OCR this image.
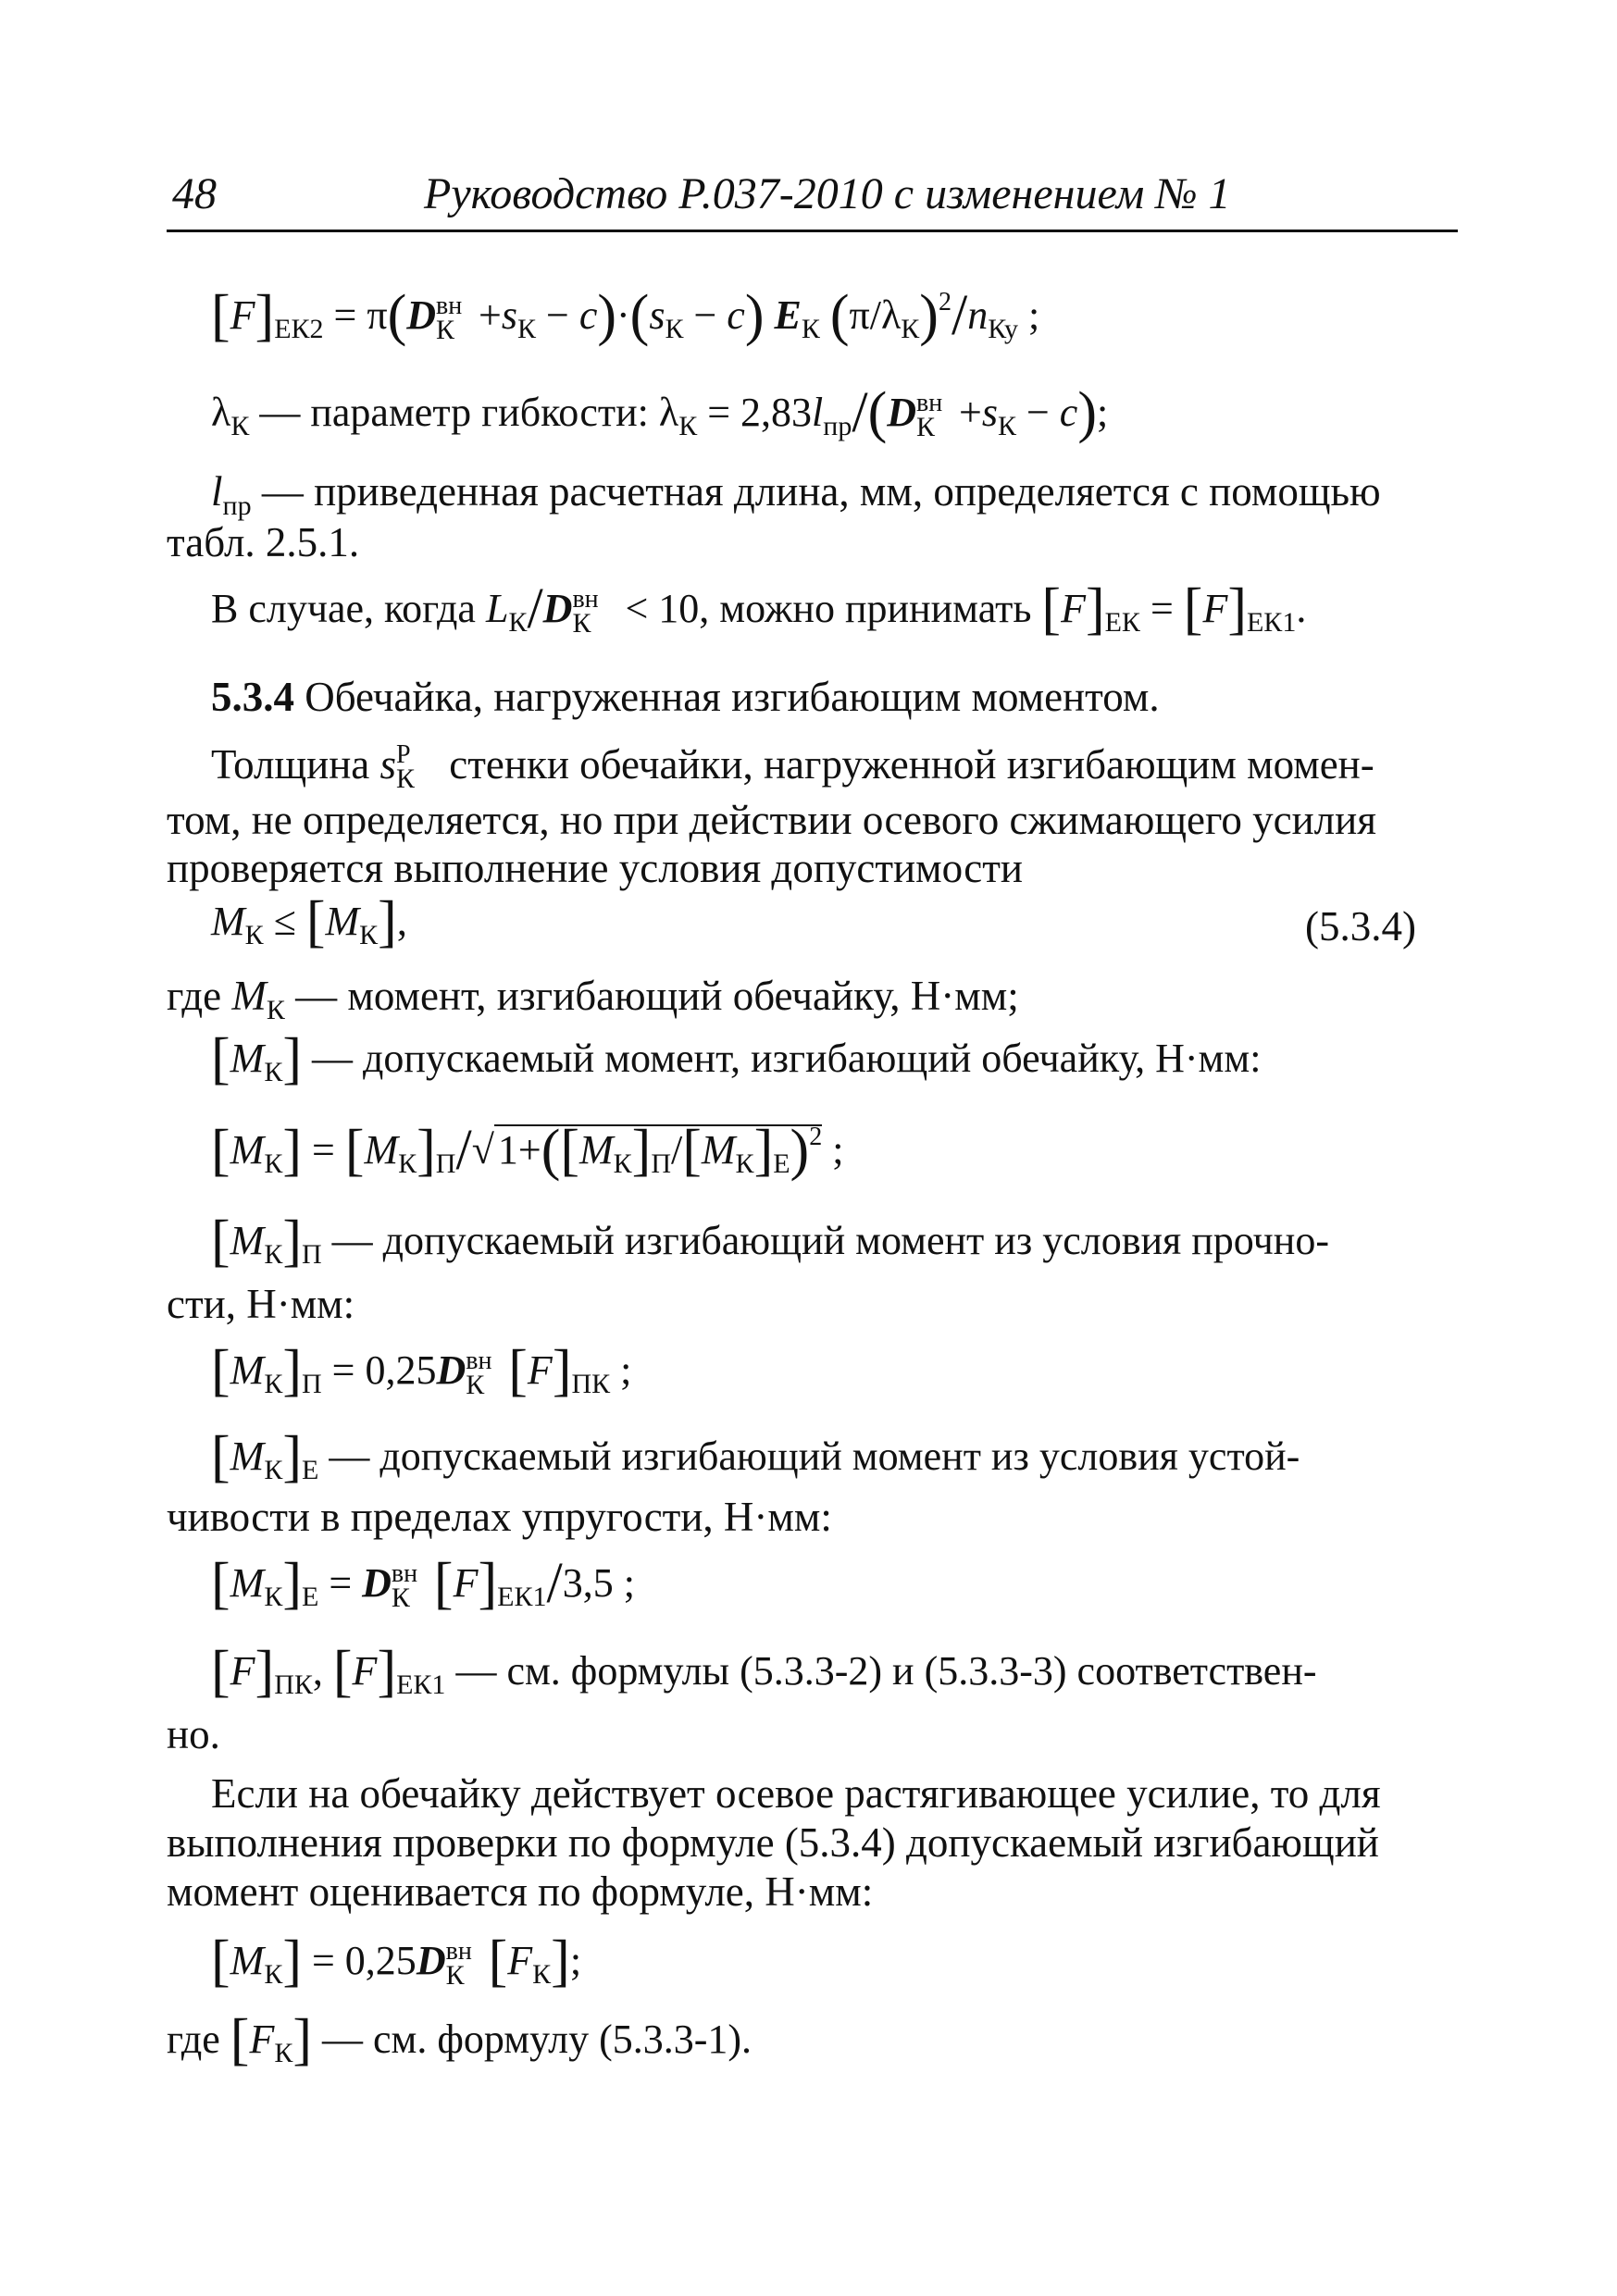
48	Руководство Р.037-2010 с изменением № 1
$[F]_{ЕК2} = \pi(D$ вн
$К +s_К - c)\cdot(s_К - c)$ $E_К$ $(\pi/\lambda_К)^2/n_{Ку}$ ;
$\lambda_К$ — параметр гибкости: $\lambda_К = 2,83l_{пр}/(D$ вн
$К +s_К - c$);
$l_{пр}$ — приведенная расчетная длина, мм, определяется с помощью
табл. 2.5.1.
В случае, когда $L_К/D$ вн
К < 10, можно принимать $[F]_{ЕК} = [F]_{ЕК1}$.
5.3.4 Обечайка, нагруженная изгибающим моментом.
Толщина s Р
К стенки обечайки, нагруженной изгибающим момен-
том, не определяется, но при действии осевого сжимающего усилия
проверяется выполнение условия допустимости
$M_К \le [M_К]$,	(5.3.4)
где $M_К$ — момент, изгибающий обечайку, Н·мм;
$[M_К]$ — допускаемый момент, изгибающий обечайку, Н·мм:
$[M_К] = [M_К]_П/√1+([M_К]_П/[M_К]_Е)^2$ ;
$[M_К]_П$ — допускаемый изгибающий момент из условия прочно-
сти, Н·мм:
$[M_К]_П = 0,25D$ вн
К $[F]_{ПК}$ ;
$[M_К]_Е$ — допускаемый изгибающий момент из условия устой-
чивости в пределах упругости, Н·мм:
$[M_К]_Е = D$ вн
К $[F]_{ЕК1}/3,5$ ;
$[F]_{ПК}$, $[F]_{ЕК1}$ — см. формулы (5.3.3-2) и (5.3.3-3) соответствен-
но.
Если на обечайку действует осевое растягивающее усилие, то для
выполнения проверки по формуле (5.3.4) допускаемый изгибающий
момент оценивается по формуле, Н·мм:
$[M_К] = 0,25D$ вн
К $[F_К]$;
где $[F_К]$ — см. формулу (5.3.3-1).
